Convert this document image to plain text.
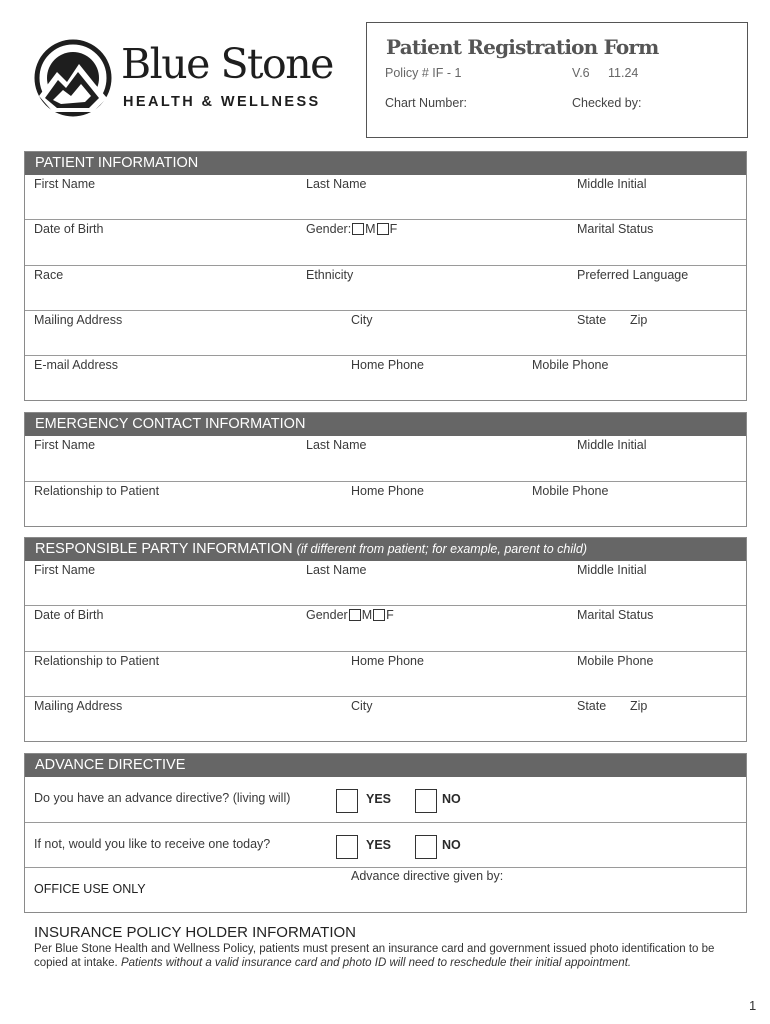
Blue Stone
HEALTH & WELLNESS
Patient Registration Form
Policy # IF - 1	V.6 11.24
Chart Number:	Checked by:
PATIENT INFORMATION
First Name	Last Name	Middle Initial
Date of Birth	Gender: M F	Marital Status
Race	Ethnicity	Preferred Language
Mailing Address	City	State Zip
E-mail Address	Home Phone	Mobile Phone
EMERGENCY CONTACT INFORMATION
First Name	Last Name	Middle Initial
Relationship to Patient	Home Phone	Mobile Phone
RESPONSIBLE PARTY INFORMATION (if different from patient; for example, parent to child)
First Name	Last Name	Middle Initial
Date of Birth	Gender M F	Marital Status
Relationship to Patient	Home Phone	Mobile Phone
Mailing Address	City	State Zip
ADVANCE DIRECTIVE
Do you have an advance directive? (living will)	YES	NO
If not, would you like to receive one today?	YES	NO
OFFICE USE ONLY
Advance directive given by:
INSURANCE POLICY HOLDER INFORMATION
Per Blue Stone Health and Wellness Policy, patients must present an insurance card and government issued photo identification to be copied at intake. Patients without a valid insurance card and photo ID will need to reschedule their initial appointment.
1
